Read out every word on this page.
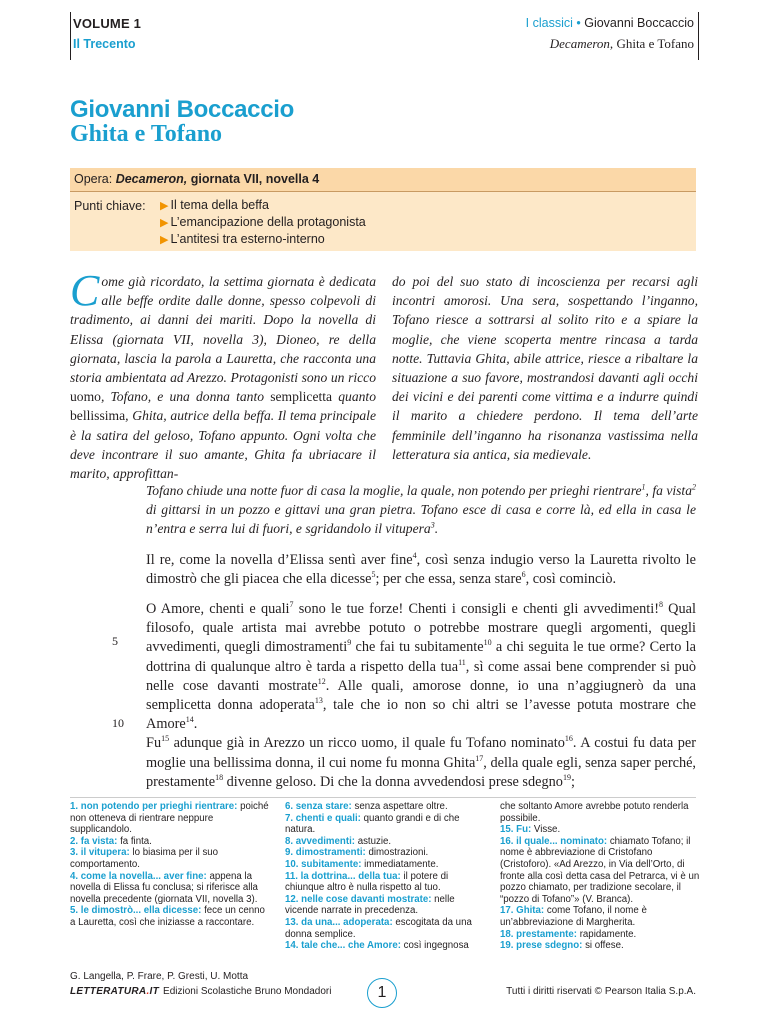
VOLUME 1
Il Trecento
I classici • Giovanni Boccaccio
Decameron, Ghita e Tofano
Giovanni Boccaccio
Ghita e Tofano
Opera: Decameron, giornata VII, novella 4
Punti chiave: ▶ Il tema della beffa
▶ L’emancipazione della protagonista
▶ L’antitesi tra esterno-interno
Come già ricordato, la settima giornata è dedicata alle beffe ordite dalle donne, spesso colpevoli di tradimento, ai danni dei mariti. Dopo la novella di Elissa (giornata VII, novella 3), Dioneo, re della giornata, lascia la parola a Lauretta, che racconta una storia ambientata ad Arezzo. Protagonisti sono un ricco uomo, Tofano, e una donna tanto semplicetta quanto bellissima, Ghita, autrice della beffa. Il tema principale è la satira del geloso, Tofano appunto. Ogni volta che deve incontrare il suo amante, Ghita fa ubriacare il marito, approfittan-
do poi del suo stato di incoscienza per recarsi agli incontri amorosi. Una sera, sospettando l’inganno, Tofano riesce a sottrarsi al solito rito e a spiare la moglie, che viene scoperta mentre rincasa a tarda notte. Tuttavia Ghita, abile attrice, riesce a ribaltare la situazione a suo favore, mostrandosi davanti agli occhi dei vicini e dei parenti come vittima e a indurre quindi il marito a chiedere perdono. Il tema dell’arte femminile dell’inganno ha risonanza vastissima nella letteratura sia antica, sia medievale.
Tofano chiude una notte fuor di casa la moglie, la quale, non potendo per prieghi rientrare$^1$, fa vista$^2$ di gittarsi in un pozzo e gittavi una gran pietra. Tofano esce di casa e corre là, ed ella in casa le n’entra e serra lui di fuori, e sgridandolo il vitupera$^3$.
Il re, come la novella d’Elissa sentì aver fine$^4$, così senza indugio verso la Lauretta rivolto le dimostrò che gli piacea che ella dicesse$^5$; per che essa, senza stare$^6$, così cominciò.
O Amore, chenti e quali$^7$ sono le tue forze! Chenti i consigli e chenti gli avvedimenti!$^8$ Qual filosofo, quale artista mai avrebbe potuto o potrebbe mostrare quegli argomenti, quegli avvedimenti, quegli dimostramenti$^9$ che fai tu subitamente$^{10}$ a chi seguita le tue orme? Certo la dottrina di qualunque altro è tarda a rispetto della tua$^{11}$, sì come assai bene comprender si può nelle cose davanti mostrate$^{12}$. Alle quali, amorose donne, io una n’aggiugnerò da una semplicetta donna adoperata$^{13}$, tale che io non so chi altri se l’avesse potuta mostrare che Amore$^{14}$.
Fu$^{15}$ adunque già in Arezzo un ricco uomo, il quale fu Tofano nominato$^{16}$. A costui fu data per moglie una bellissima donna, il cui nome fu monna Ghita$^{17}$, della quale egli, senza saper perché, prestamente$^{18}$ divenne geloso. Di che la donna avvedendosi prese sdegno$^{19}$;
5
10
1. non potendo per prieghi rientrare: poiché non otteneva di rientrare neppure supplicandolo.
2. fa vista: fa finta.
3. il vitupera: lo biasima per il suo comportamento.
4. come la novella... aver fine: appena la novella di Elissa fu conclusa; si riferisce alla novella precedente (giornata VII, novella 3).
5. le dimostrò... ella dicesse: fece un cenno a Lauretta, così che iniziasse a raccontare.
6. senza stare: senza aspettare oltre.
7. chenti e quali: quanto grandi e di che natura.
8. avvedimenti: astuzie.
9. dimostramenti: dimostrazioni.
10. subitamente: immediatamente.
11. la dottrina... della tua: il potere di chiunque altro è nulla rispetto al tuo.
12. nelle cose davanti mostrate: nelle vicende narrate in precedenza.
13. da una... adoperata: escogitata da una donna semplice.
14. tale che... che Amore: così ingegnosa
che soltanto Amore avrebbe potuto renderla possibile.
15. Fu: Visse.
16. il quale... nominato: chiamato Tofano; il nome è abbreviazione di Cristofano (Cristoforo). «Ad Arezzo, in Via dell’Orto, di fronte alla così detta casa del Petrarca, vi è un pozzo chiamato, per tradizione secolare, il “pozzo di Tofano”» (V. Branca).
17. Ghita: come Tofano, il nome è un’abbreviazione di Margherita.
18. prestamente: rapidamente.
19. prese sdegno: si offese.
G. Langella, P. Frare, P. Gresti, U. Motta
LETTERATURA.IT Edizioni Scolastiche Bruno Mondadori	1	Tutti i diritti riservati © Pearson Italia S.p.A.
